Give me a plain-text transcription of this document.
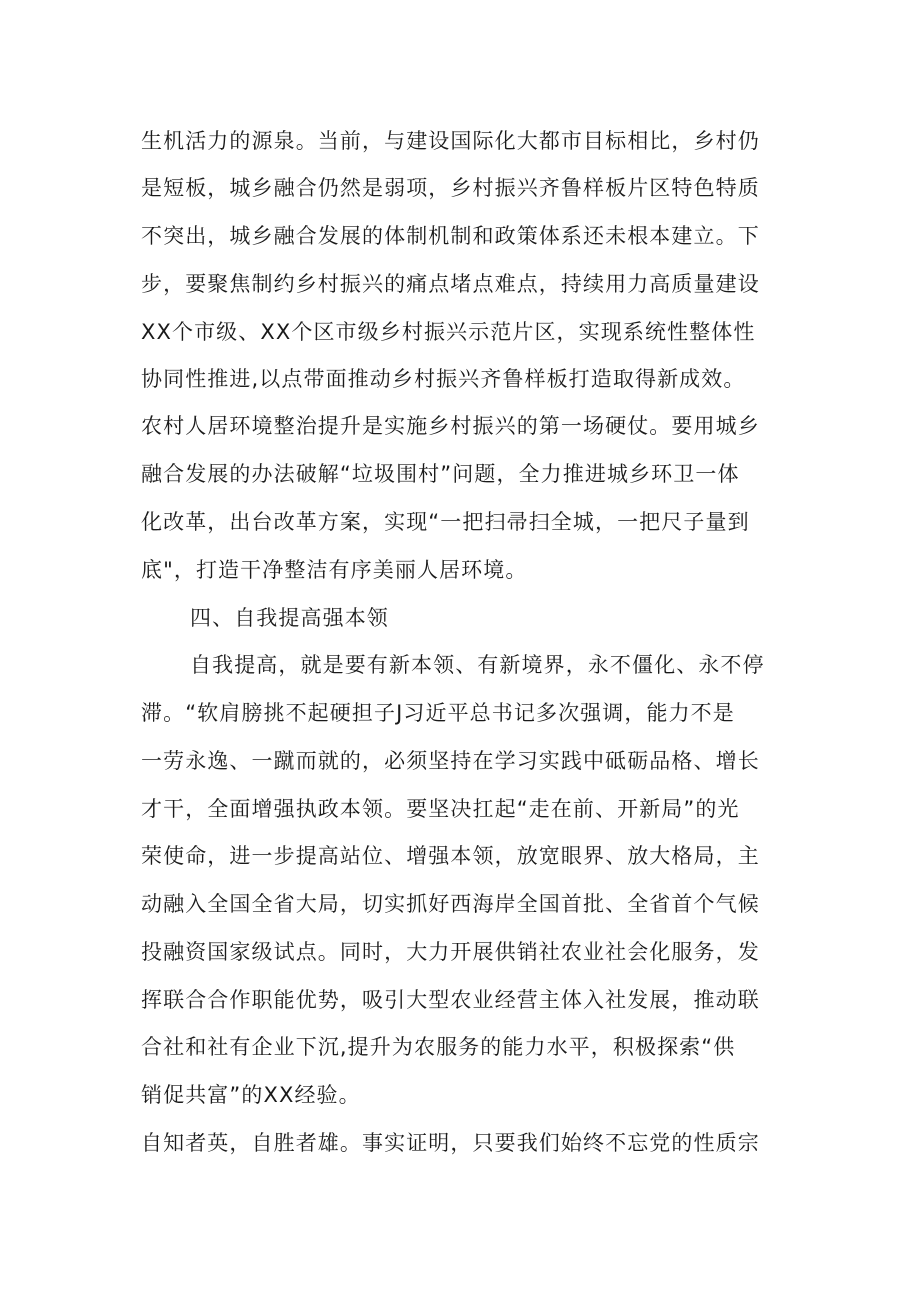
生机活力的源泉。当前，与建设国际化大都市目标相比，乡村仍
是短板，城乡融合仍然是弱项，乡村振兴齐鲁样板片区特色特质
不突出，城乡融合发展的体制机制和政策体系还未根本建立。下
步，要聚焦制约乡村振兴的痛点堵点难点，持续用力高质量建设
XX个市级、XX个区市级乡村振兴示范片区，实现系统性整体性
协同性推进,以点带面推动乡村振兴齐鲁样板打造取得新成效。
农村人居环境整治提升是实施乡村振兴的第一场硬仗。要用城乡
融合发展的办法破解“垃圾围村”问题，全力推进城乡环卫一体
化改革，出台改革方案，实现“一把扫帚扫全城，一把尺子量到
底"，打造干净整洁有序美丽人居环境。
四、自我提高强本领
自我提高，就是要有新本领、有新境界，永不僵化、永不停
滞。“软肩膀挑不起硬担子J习近平总书记多次强调，能力不是
一劳永逸、一蹴而就的，必须坚持在学习实践中砥砺品格、增长
才干，全面增强执政本领。要坚决扛起“走在前、开新局”的光
荣使命，进一步提高站位、增强本领，放宽眼界、放大格局，主
动融入全国全省大局，切实抓好西海岸全国首批、全省首个气候
投融资国家级试点。同时，大力开展供销社农业社会化服务，发
挥联合合作职能优势，吸引大型农业经营主体入社发展，推动联
合社和社有企业下沉,提升为农服务的能力水平，积极探索“供
销促共富”的XX经验。
自知者英，自胜者雄。事实证明，只要我们始终不忘党的性质宗
